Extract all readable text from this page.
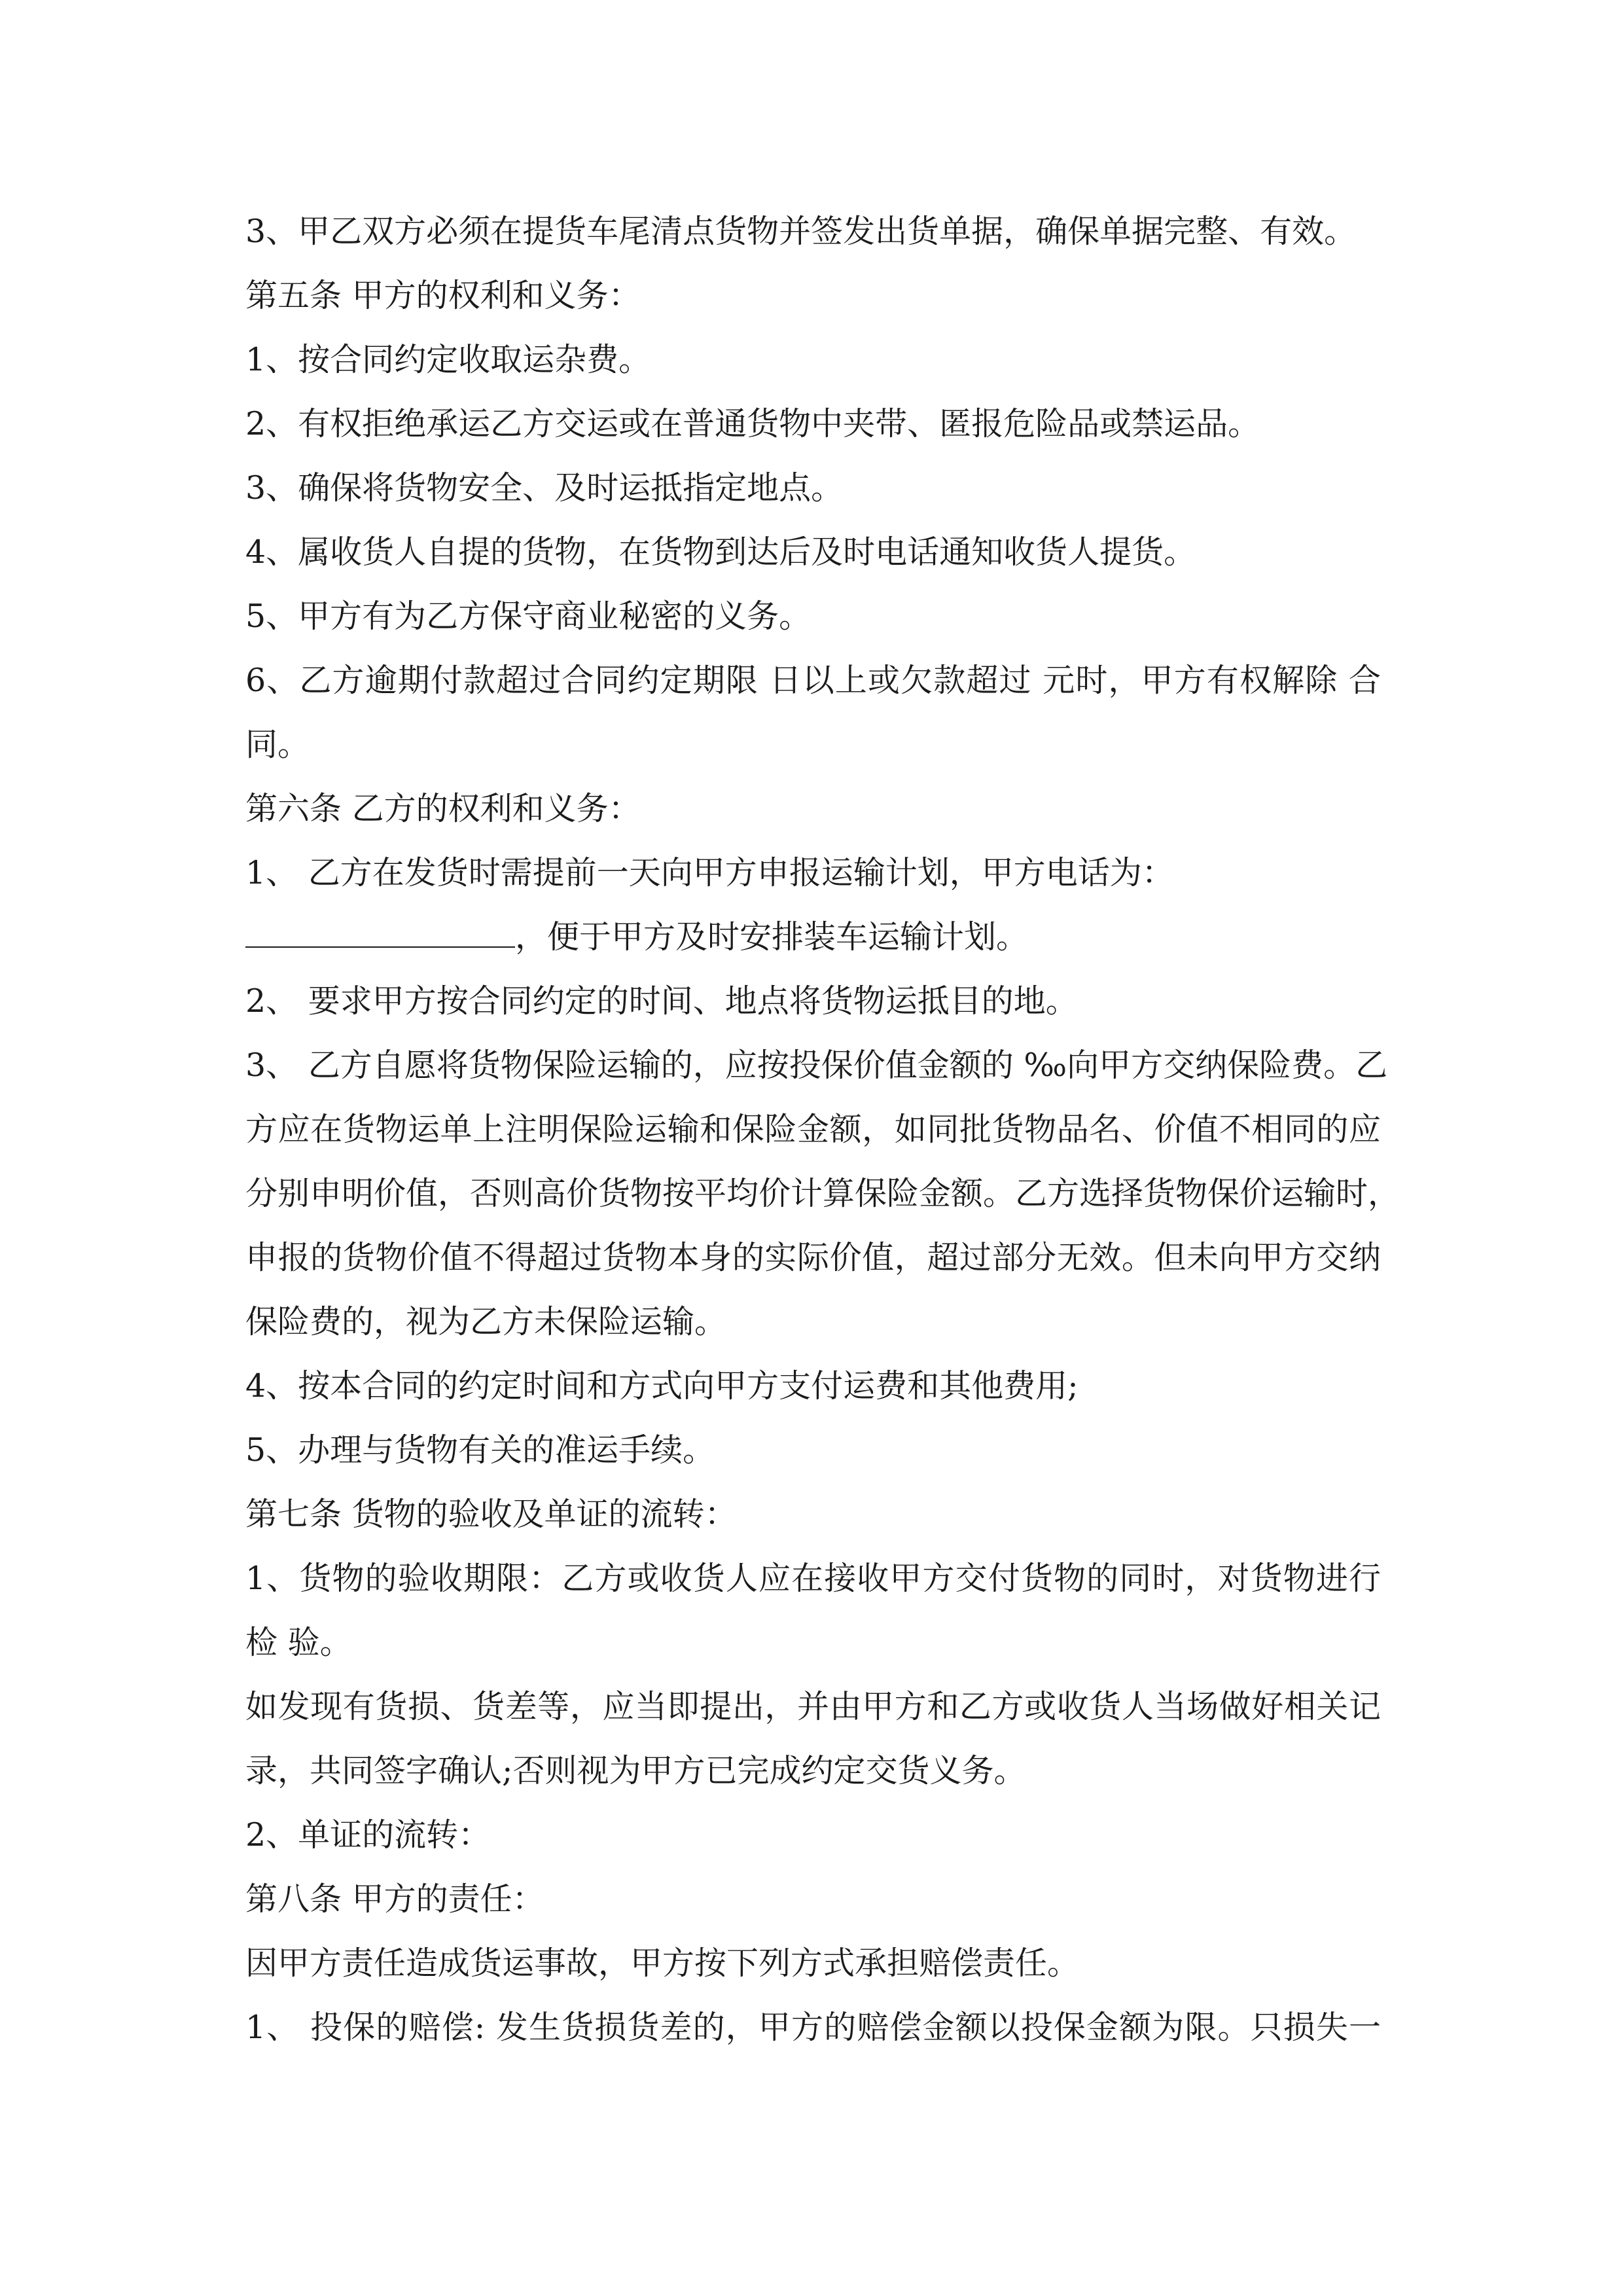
3、甲乙双方必须在提货车尾清点货物并签发出货单据，确保单据完整、有效。
第五条 甲方的权利和义务：
1、按合同约定收取运杂费。
2、有权拒绝承运乙方交运或在普通货物中夹带、匿报危险品或禁运品。
3、确保将货物安全、及时运抵指定地点。
4、属收货人自提的货物，在货物到达后及时电话通知收货人提货。
5、甲方有为乙方保守商业秘密的义务。
6、乙方逾期付款超过合同约定期限 日以上或欠款超过 元时，甲方有权解除 合
同。
第六条 乙方的权利和义务：
1、 乙方在发货时需提前一天向甲方申报运输计划，甲方电话为：
，便于甲方及时安排装车运输计划。
2、 要求甲方按合同约定的时间、地点将货物运抵目的地。
3、 乙方自愿将货物保险运输的，应按投保价值金额的 ‰向甲方交纳保险费。乙
方应在货物运单上注明保险运输和保险金额，如同批货物品名、价值不相同的应
分别申明价值，否则高价货物按平均价计算保险金额。乙方选择货物保价运输时，
申报的货物价值不得超过货物本身的实际价值，超过部分无效。但未向甲方交纳
保险费的，视为乙方未保险运输。
4、按本合同的约定时间和方式向甲方支付运费和其他费用;
5、办理与货物有关的准运手续。
第七条 货物的验收及单证的流转：
1、货物的验收期限：乙方或收货人应在接收甲方交付货物的同时，对货物进行
检 验。
如发现有货损、货差等，应当即提出，并由甲方和乙方或收货人当场做好相关记
录，共同签字确认;否则视为甲方已完成约定交货义务。
2、单证的流转：
第八条 甲方的责任：
因甲方责任造成货运事故，甲方按下列方式承担赔偿责任。
1、 投保的赔偿: 发生货损货差的，甲方的赔偿金额以投保金额为限。只损失一
